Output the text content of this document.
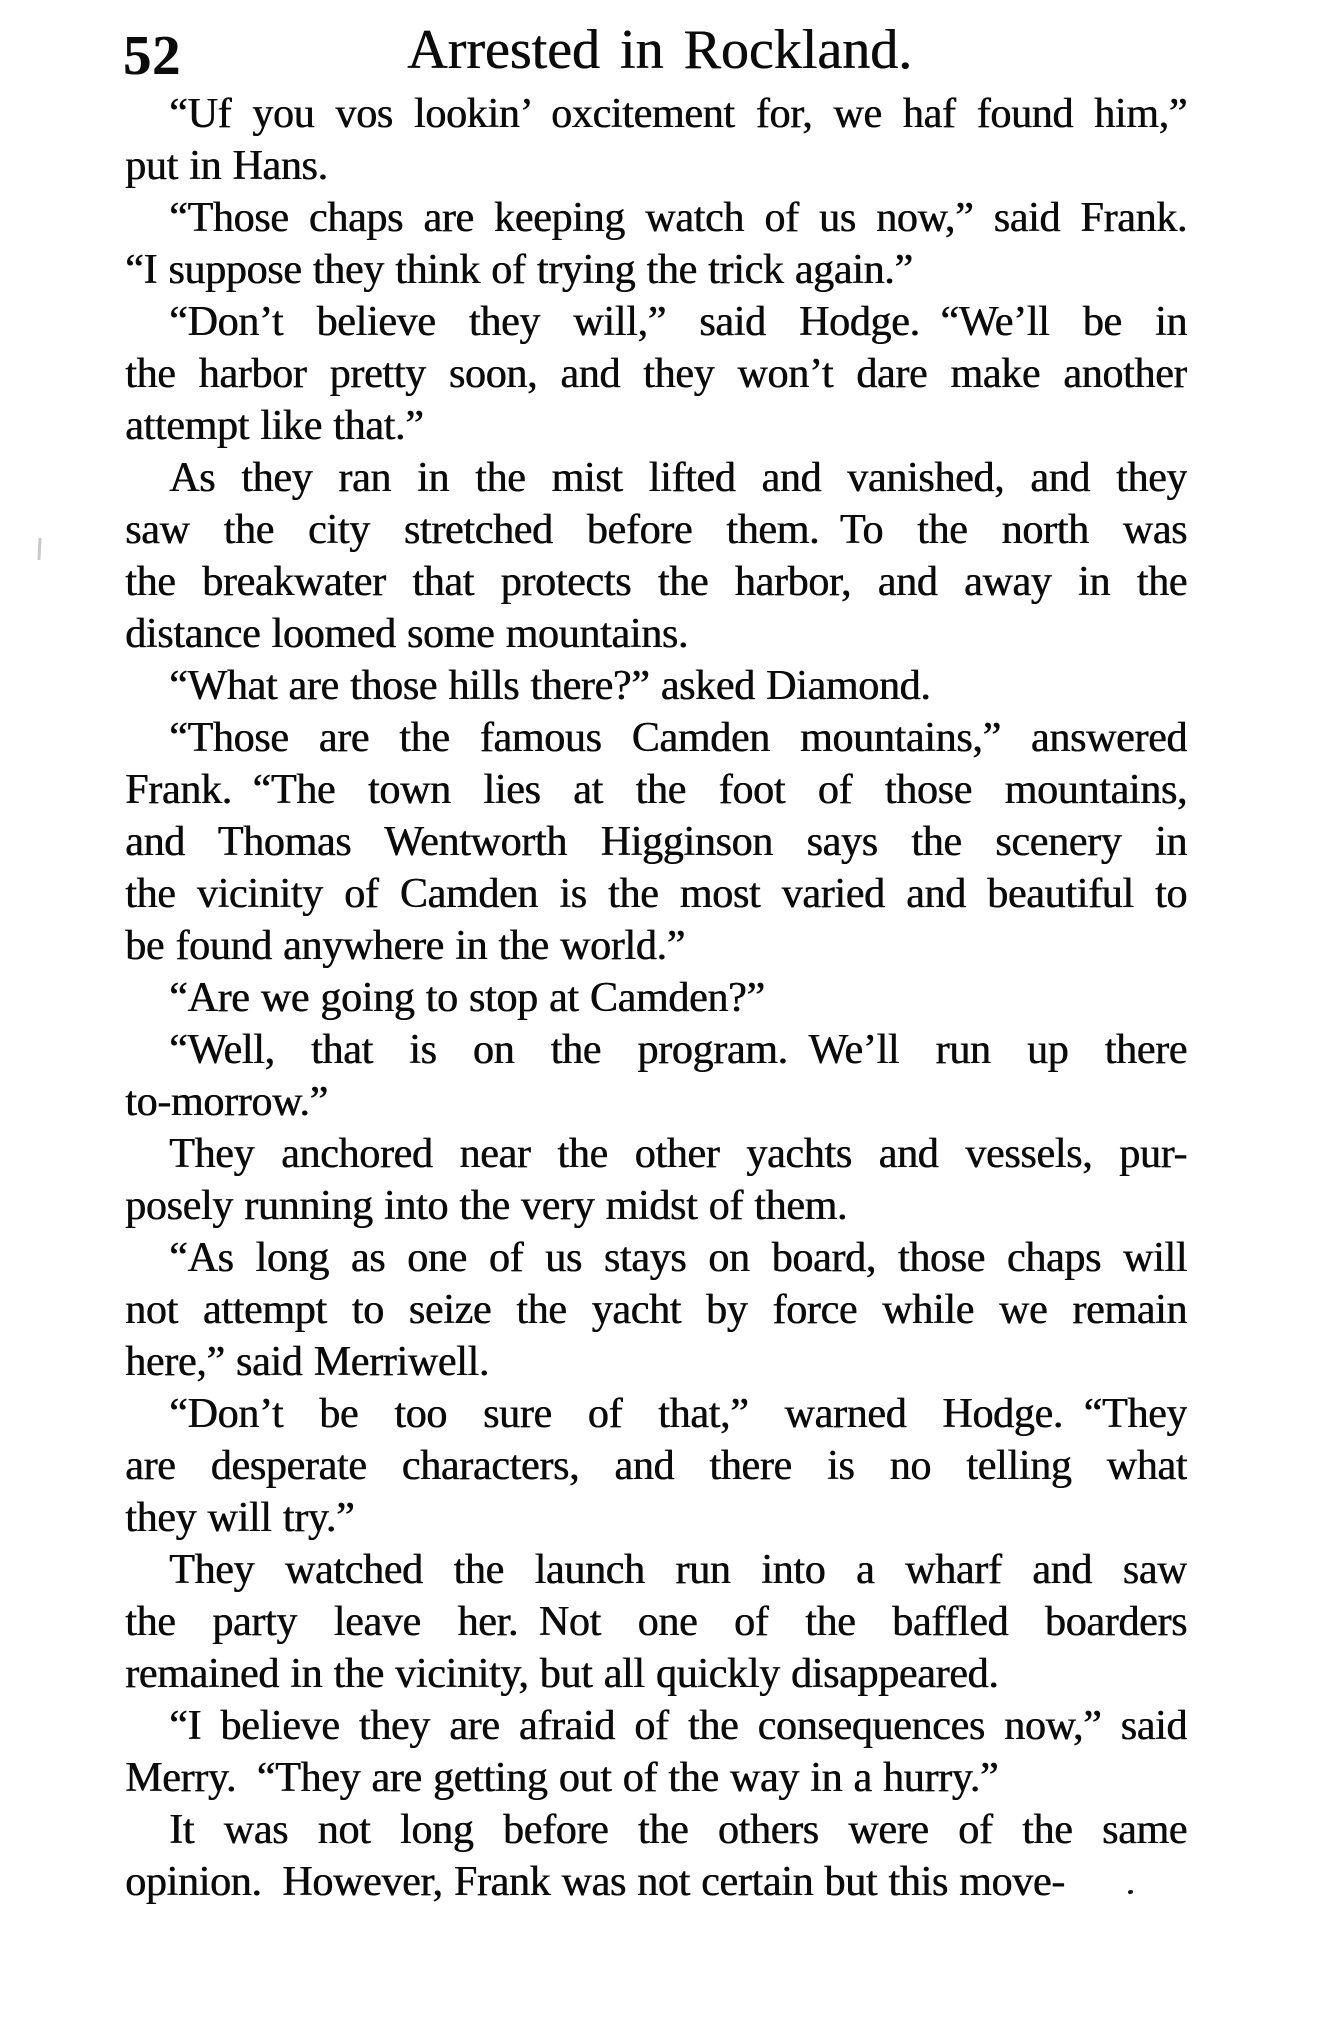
52	Arrested in Rockland.
“Uf you vos lookin’ oxcitement for, we haf found him,”
put in Hans.
“Those chaps are keeping watch of us now,” said Frank.
“I suppose they think of trying the trick again.”
“Don’t believe they will,” said Hodge. “We’ll be in
the harbor pretty soon, and they won’t dare make another
attempt like that.”
As they ran in the mist lifted and vanished, and they
saw the city stretched before them. To the north was
the breakwater that protects the harbor, and away in the
distance loomed some mountains.
“What are those hills there?” asked Diamond.
“Those are the famous Camden mountains,” answered
Frank. “The town lies at the foot of those mountains,
and Thomas Wentworth Higginson says the scenery in
the vicinity of Camden is the most varied and beautiful to
be found anywhere in the world.”
“Are we going to stop at Camden?”
“Well, that is on the program. We’ll run up there
to-morrow.”
They anchored near the other yachts and vessels, pur-
posely running into the very midst of them.
“As long as one of us stays on board, those chaps will
not attempt to seize the yacht by force while we remain
here,” said Merriwell.
“Don’t be too sure of that,” warned Hodge. “They
are desperate characters, and there is no telling what
they will try.”
They watched the launch run into a wharf and saw
the party leave her. Not one of the baffled boarders
remained in the vicinity, but all quickly disappeared.
“I believe they are afraid of the consequences now,” said
Merry. “They are getting out of the way in a hurry.”
It was not long before the others were of the same
opinion. However, Frank was not certain but this move-
